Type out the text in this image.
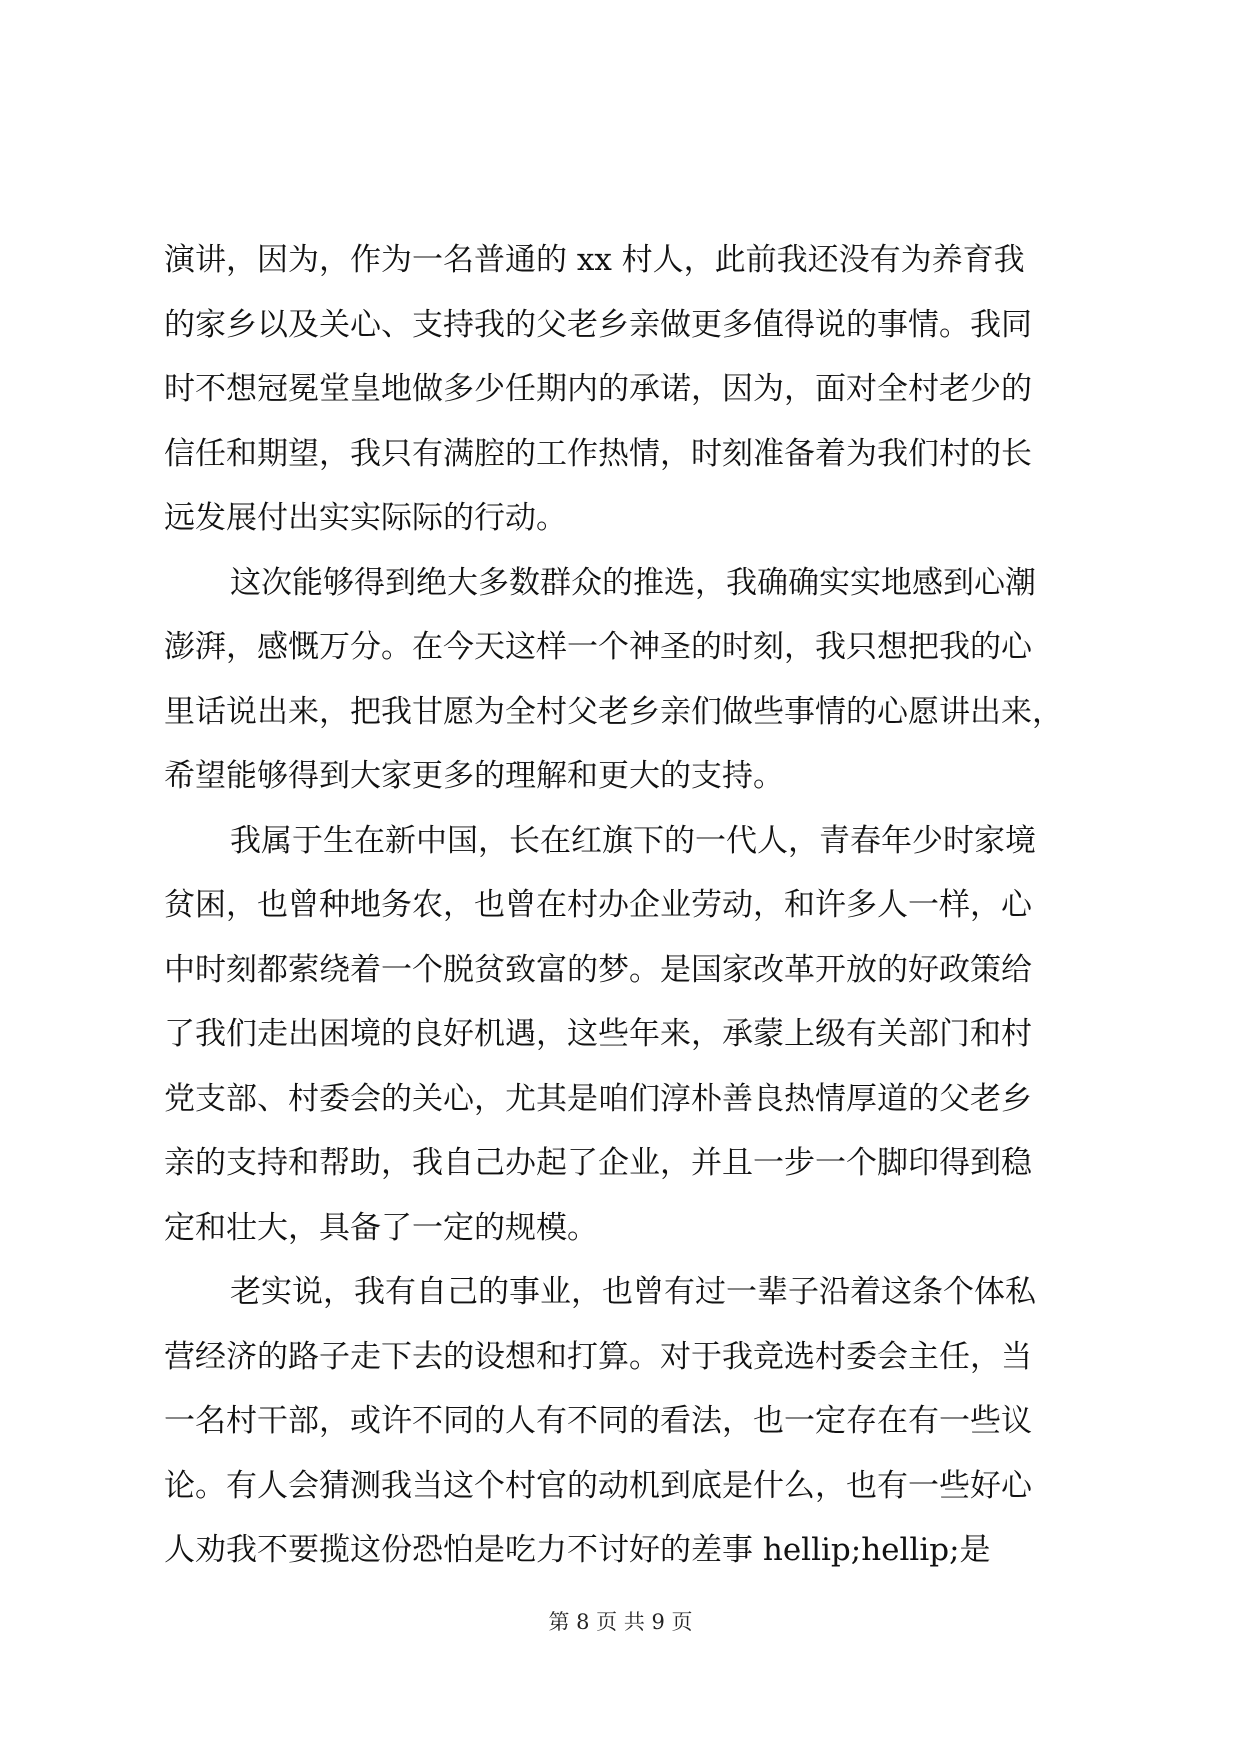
演讲，因为，作为一名普通的 xx 村人，此前我还没有为养育我
的家乡以及关心、支持我的父老乡亲做更多值得说的事情。我同
时不想冠冕堂皇地做多少任期内的承诺，因为，面对全村老少的
信任和期望，我只有满腔的工作热情，时刻准备着为我们村的长
远发展付出实实际际的行动。
这次能够得到绝大多数群众的推选，我确确实实地感到心潮
澎湃，感慨万分。在今天这样一个神圣的时刻，我只想把我的心
里话说出来，把我甘愿为全村父老乡亲们做些事情的心愿讲出来，
希望能够得到大家更多的理解和更大的支持。
我属于生在新中国，长在红旗下的一代人，青春年少时家境
贫困，也曾种地务农，也曾在村办企业劳动，和许多人一样，心
中时刻都萦绕着一个脱贫致富的梦。是国家改革开放的好政策给
了我们走出困境的良好机遇，这些年来，承蒙上级有关部门和村
党支部、村委会的关心，尤其是咱们淳朴善良热情厚道的父老乡
亲的支持和帮助，我自己办起了企业，并且一步一个脚印得到稳
定和壮大，具备了一定的规模。
老实说，我有自己的事业，也曾有过一辈子沿着这条个体私
营经济的路子走下去的设想和打算。对于我竞选村委会主任，当
一名村干部，或许不同的人有不同的看法，也一定存在有一些议
论。有人会猜测我当这个村官的动机到底是什么，也有一些好心
人劝我不要揽这份恐怕是吃力不讨好的差事 hellip;hellip;是
第 8 页 共 9 页
